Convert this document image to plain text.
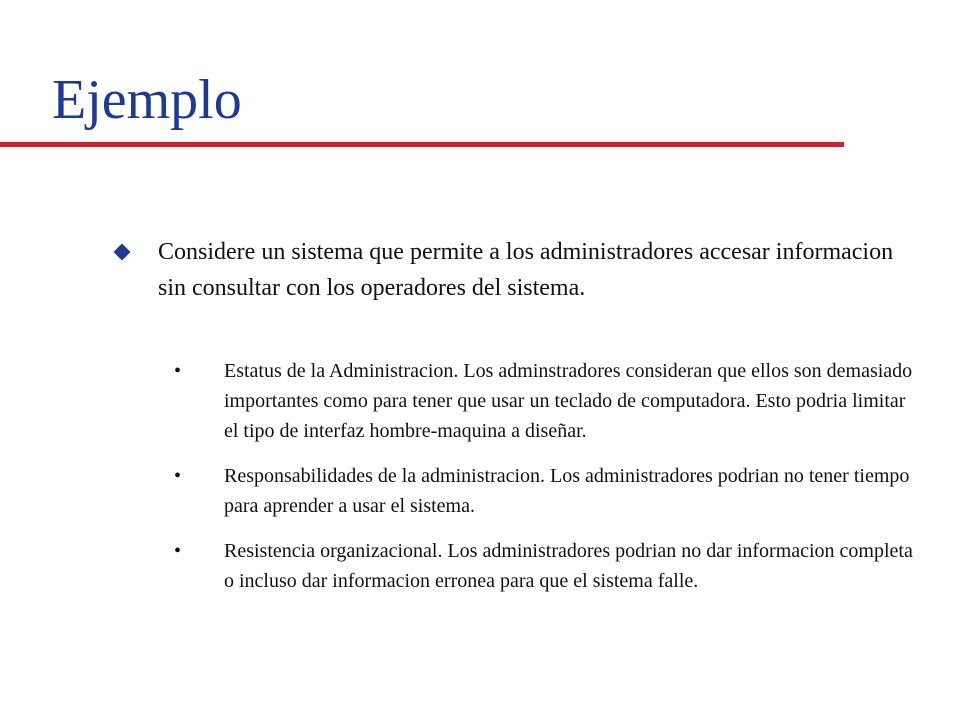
Ejemplo
Considere un sistema que permite a los administradores accesar informacion sin consultar con los operadores del sistema.
• Estatus de la Administracion. Los adminstradores consideran que ellos son demasiado importantes como para tener que usar un teclado de computadora. Esto podria limitar el tipo de interfaz hombre-maquina a diseñar.
• Responsabilidades de la administracion. Los administradores podrian no tener tiempo para aprender a usar el sistema.
• Resistencia organizacional. Los administradores podrian no dar informacion completa o incluso dar informacion erronea para que el sistema falle.
